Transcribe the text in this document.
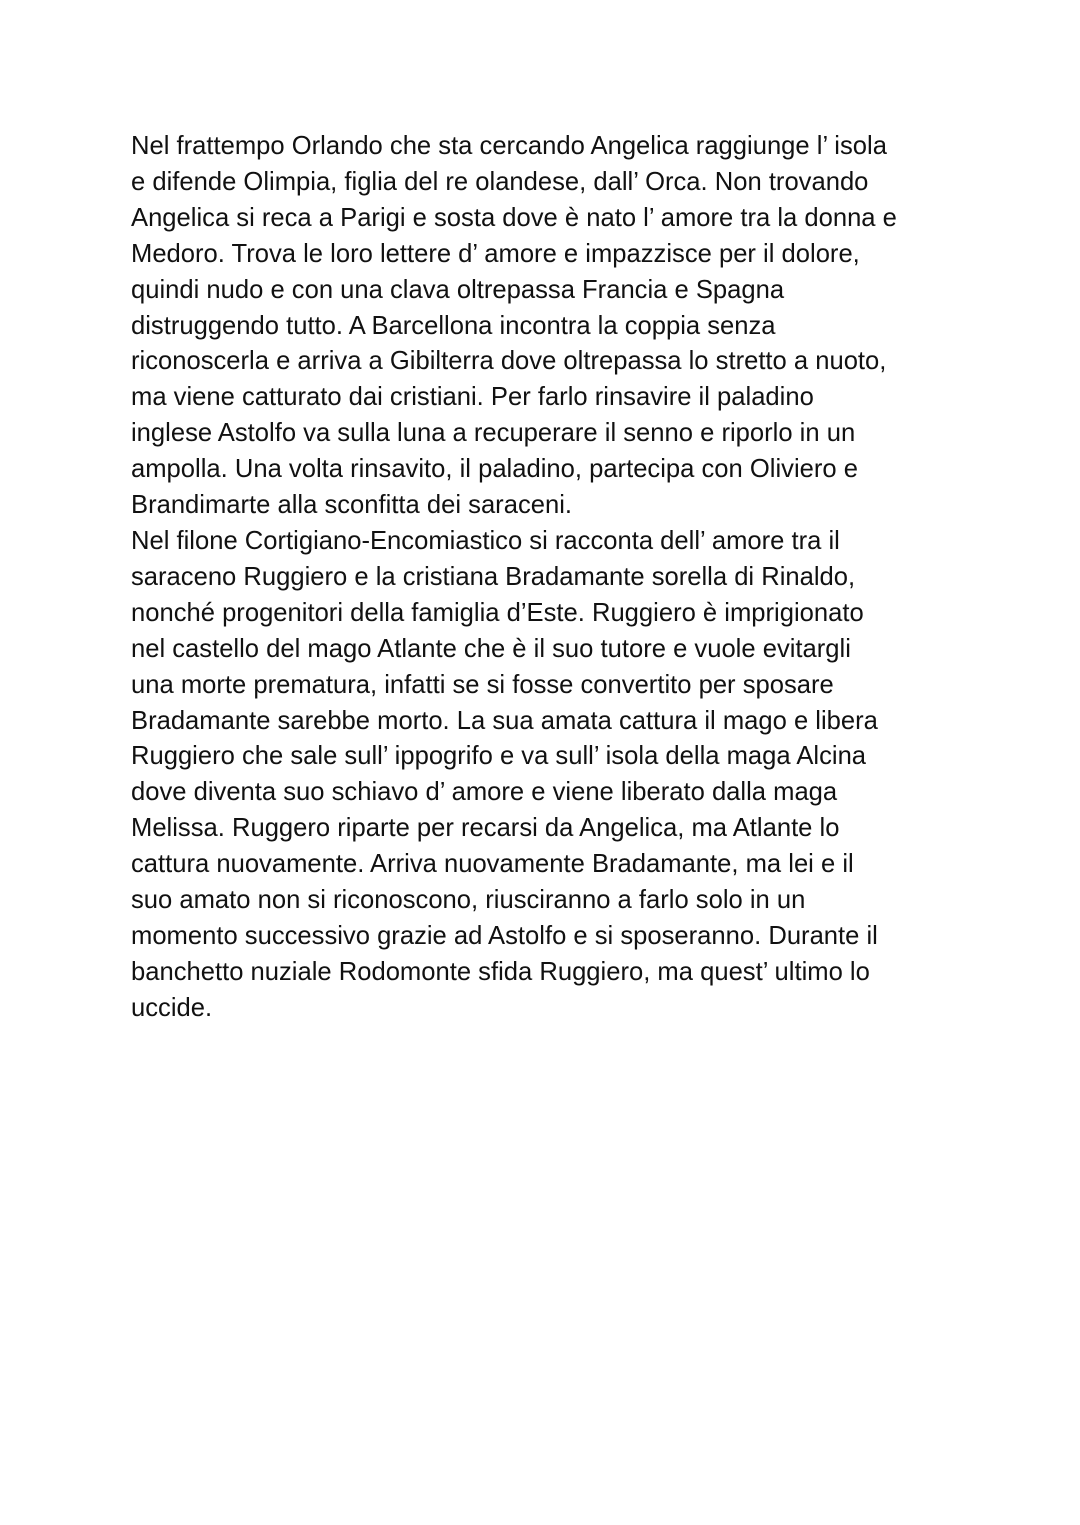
Nel frattempo Orlando che sta cercando Angelica raggiunge l’ isola
e difende Olimpia, figlia del re olandese, dall’ Orca. Non trovando
Angelica si reca a Parigi e sosta dove è nato l’ amore tra la donna e
Medoro. Trova le loro lettere d’ amore e impazzisce per il dolore,
quindi nudo e con una clava oltrepassa Francia e Spagna
distruggendo tutto. A Barcellona incontra la coppia senza
riconoscerla e arriva a Gibilterra dove oltrepassa lo stretto a nuoto,
ma viene catturato dai cristiani. Per farlo rinsavire il paladino
inglese Astolfo va sulla luna a recuperare il senno e riporlo in un
ampolla. Una volta rinsavito, il paladino, partecipa con Oliviero e
Brandimarte alla sconfitta dei saraceni.
Nel filone Cortigiano-Encomiastico si racconta dell’ amore tra il
saraceno Ruggiero e la cristiana Bradamante sorella di Rinaldo,
nonché progenitori della famiglia d’Este. Ruggiero è imprigionato
nel castello del mago Atlante che è il suo tutore e vuole evitargli
una morte prematura, infatti se si fosse convertito per sposare
Bradamante sarebbe morto. La sua amata cattura il mago e libera
Ruggiero che sale sull’ ippogrifo e va sull’ isola della maga Alcina
dove diventa suo schiavo d’ amore e viene liberato dalla maga
Melissa. Ruggero riparte per recarsi da Angelica, ma Atlante lo
cattura nuovamente. Arriva nuovamente Bradamante, ma lei e il
suo amato non si riconoscono, riusciranno a farlo solo in un
momento successivo grazie ad Astolfo e si sposeranno. Durante il
banchetto nuziale Rodomonte sfida Ruggiero, ma quest’ ultimo lo
uccide.
